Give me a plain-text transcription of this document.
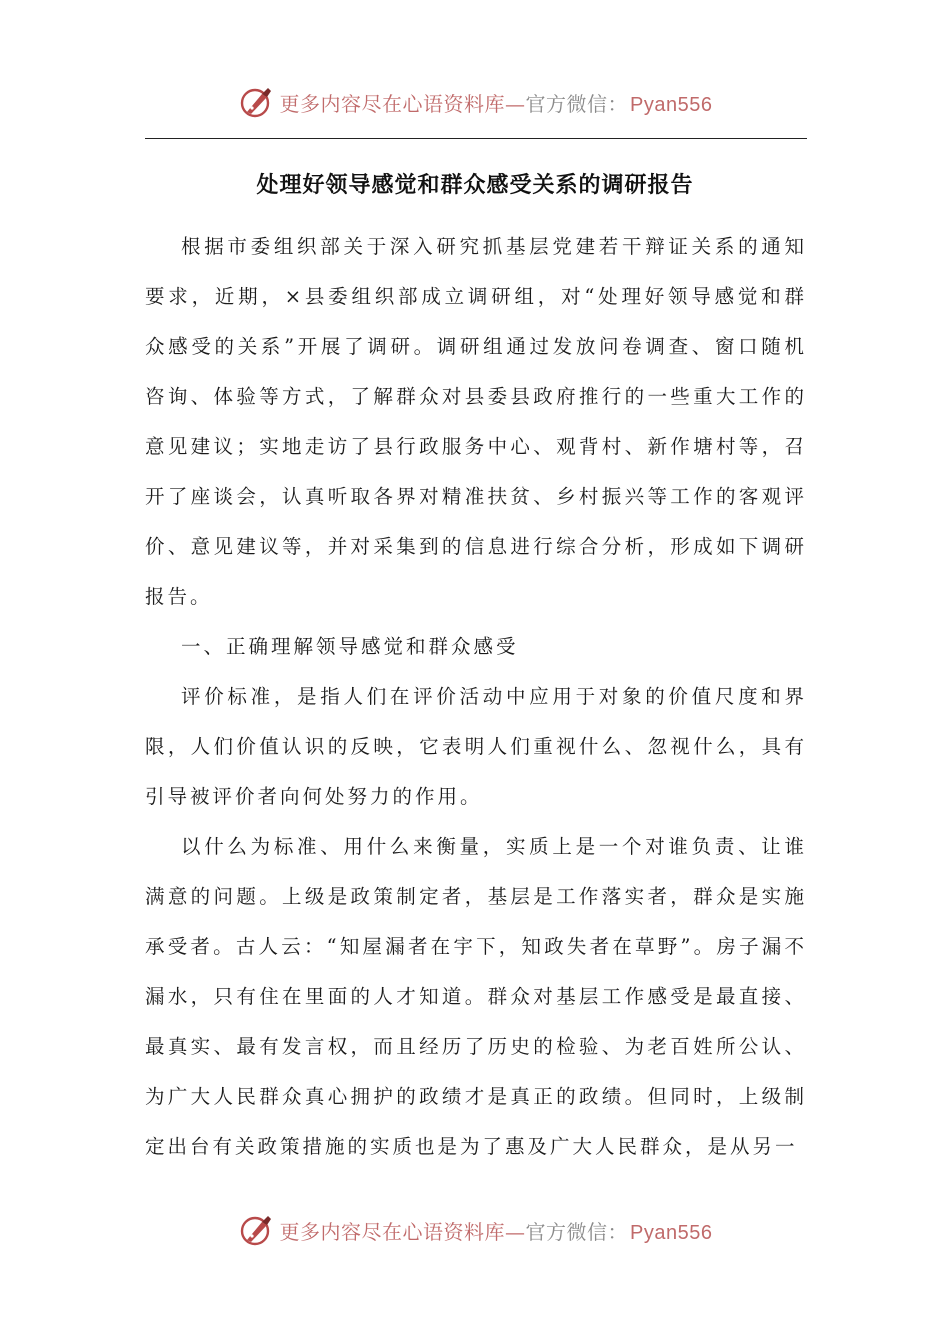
更多内容尽在心语资料库—官方微信： Pyan556
处理好领导感觉和群众感受关系的调研报告

根据市委组织部关于深入研究抓基层党建若干辩证关系的通知要求，近期，×县委组织部成立调研组，对“处理好领导感觉和群众感受的关系”开展了调研。调研组通过发放问卷调查、窗口随机咨询、体验等方式，了解群众对县委县政府推行的一些重大工作的意见建议；实地走访了县行政服务中心、观背村、新作塘村等，召开了座谈会，认真听取各界对精准扶贫、乡村振兴等工作的客观评价、意见建议等，并对采集到的信息进行综合分析，形成如下调研报告。

一、正确理解领导感觉和群众感受

评价标准，是指人们在评价活动中应用于对象的价值尺度和界限，人们价值认识的反映，它表明人们重视什么、忽视什么，具有引导被评价者向何处努力的作用。

以什么为标准、用什么来衡量，实质上是一个对谁负责、让谁满意的问题。上级是政策制定者，基层是工作落实者，群众是实施承受者。古人云：“知屋漏者在宇下，知政失者在草野”。房子漏不漏水，只有住在里面的人才知道。群众对基层工作感受是最直接、最真实、最有发言权，而且经历了历史的检验、为老百姓所公认、为广大人民群众真心拥护的政绩才是真正的政绩。但同时，上级制定出台有关政策措施的实质也是为了惠及广大人民群众，是从另一

更多内容尽在心语资料库—官方微信： Pyan556
